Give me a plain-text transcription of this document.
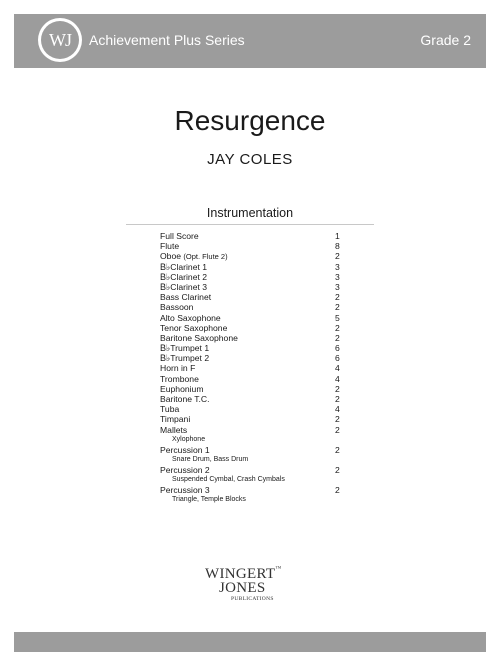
WJ	Achievement Plus Series	Grade 2
Resurgence
JAY COLES
Instrumentation
Full Score	1
Flute	8
Oboe (Opt. Flute 2)	2
B♭Clarinet 1	3
B♭Clarinet 2	3
B♭Clarinet 3	3
Bass Clarinet	2
Bassoon	2
Alto Saxophone	5
Tenor Saxophone	2
Baritone Saxophone	2
B♭Trumpet 1	6
B♭Trumpet 2	6
Horn in F	4
Trombone	4
Euphonium	2
Baritone T.C.	2
Tuba	4
Timpani	2
Mallets	2
Xylophone
Percussion 1	2
Snare Drum, Bass Drum
Percussion 2	2
Suspended Cymbal, Crash Cymbals
Percussion 3	2
Triangle, Temple Blocks
WINGERT™
JONES
PUBLICATIONS
